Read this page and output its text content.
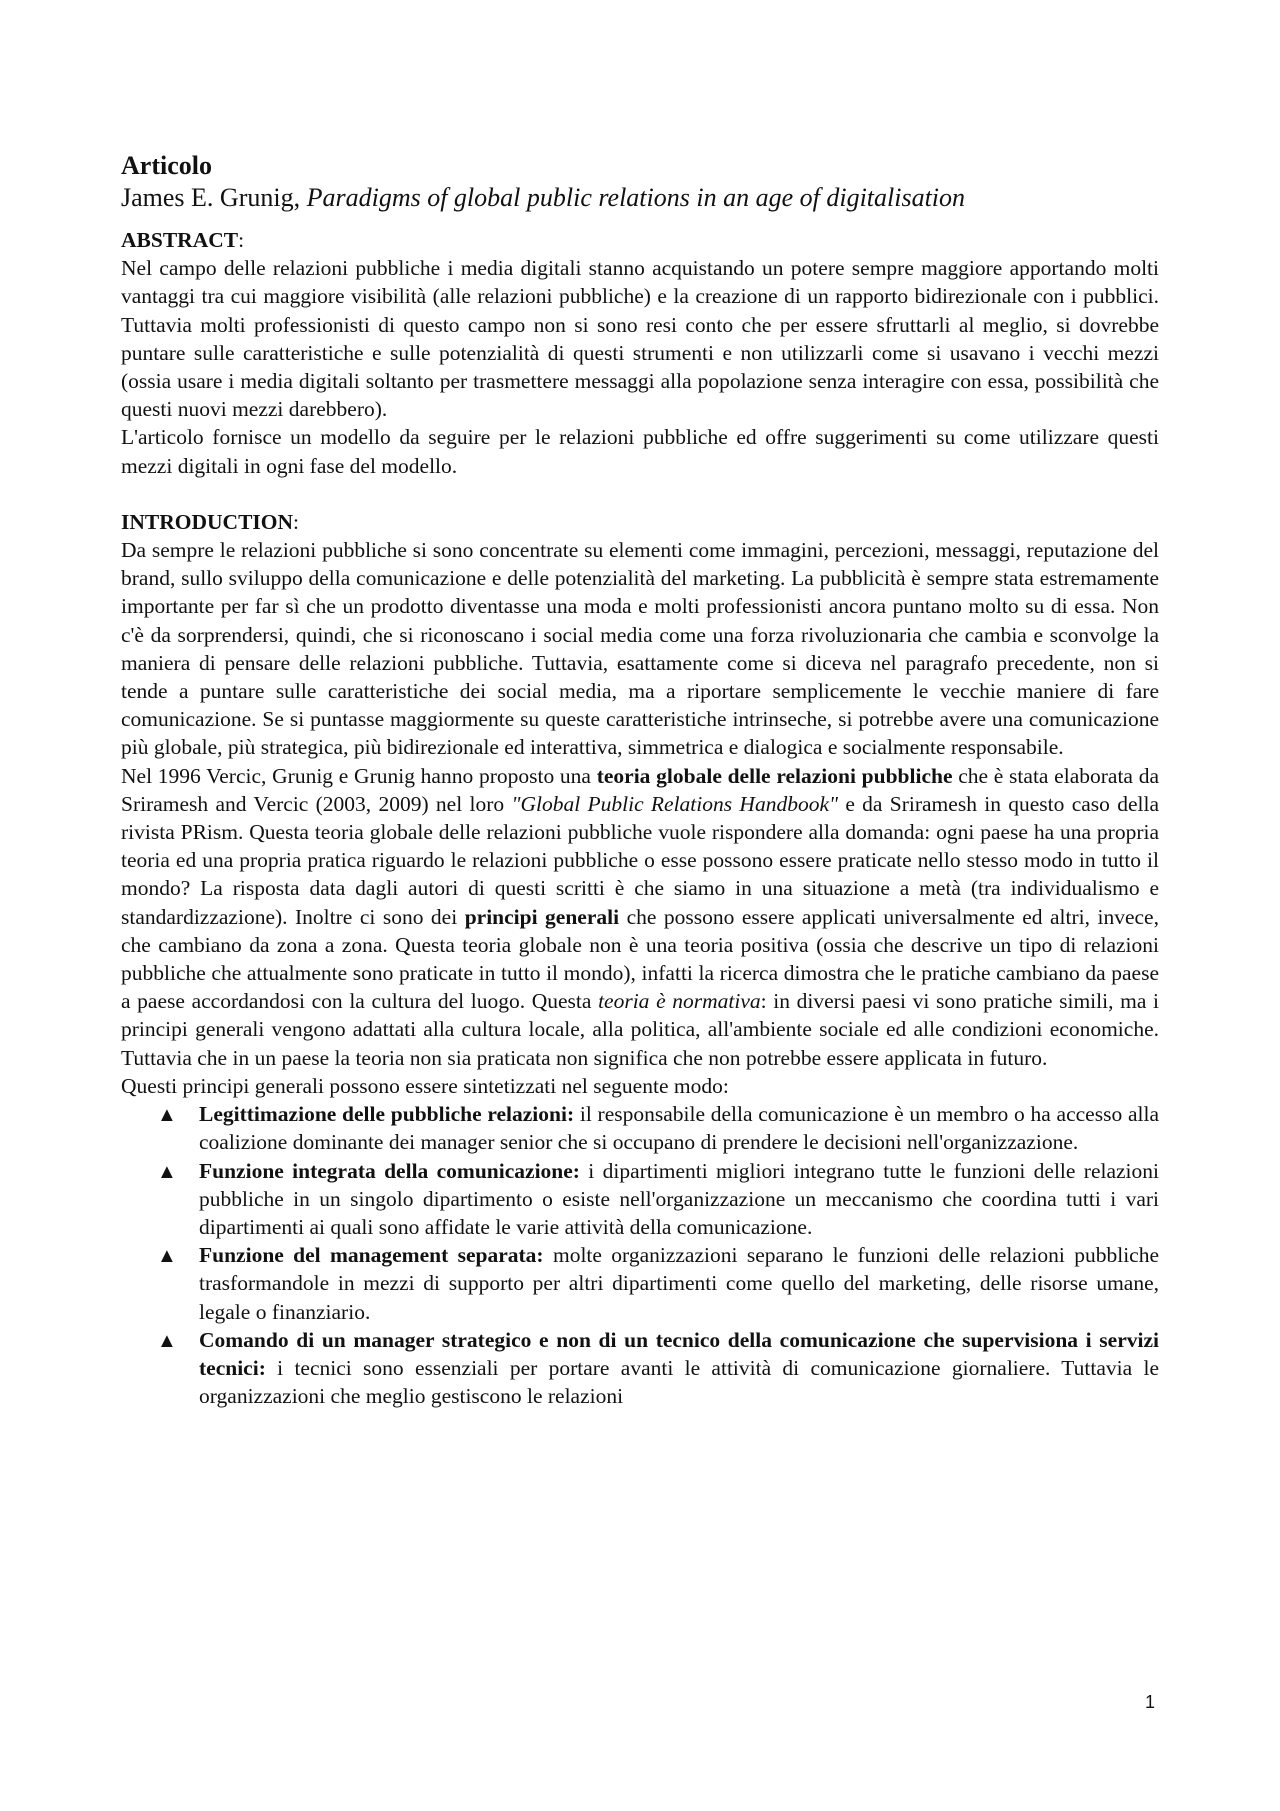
Articolo
James E. Grunig, Paradigms of global public relations in an age of digitalisation
ABSTRACT:

Nel campo delle relazioni pubbliche i media digitali stanno acquistando un potere sempre maggiore apportando molti vantaggi tra cui maggiore visibilità (alle relazioni pubbliche) e la creazione di un rapporto bidirezionale con i pubblici. Tuttavia molti professionisti di questo campo non si sono resi conto che per essere sfruttarli al meglio, si dovrebbe puntare sulle caratteristiche e sulle potenzialità di questi strumenti e non utilizzarli come si usavano i vecchi mezzi (ossia usare i media digitali soltanto per trasmettere messaggi alla popolazione senza interagire con essa, possibilità che questi nuovi mezzi darebbero).

L'articolo fornisce un modello da seguire per le relazioni pubbliche ed offre suggerimenti su come utilizzare questi mezzi digitali in ogni fase del modello.

INTRODUCTION:

Da sempre le relazioni pubbliche si sono concentrate su elementi come immagini, percezioni, messaggi, reputazione del brand, sullo sviluppo della comunicazione e delle potenzialità del marketing. La pubblicità è sempre stata estremamente importante per far sì che un prodotto diventasse una moda e molti professionisti ancora puntano molto su di essa. Non c'è da sorprendersi, quindi, che si riconoscano i social media come una forza rivoluzionaria che cambia e sconvolge la maniera di pensare delle relazioni pubbliche. Tuttavia, esattamente come si diceva nel paragrafo precedente, non si tende a puntare sulle caratteristiche dei social media, ma a riportare semplicemente le vecchie maniere di fare comunicazione. Se si puntasse maggiormente su queste caratteristiche intrinseche, si potrebbe avere una comunicazione più globale, più strategica, più bidirezionale ed interattiva, simmetrica e dialogica e socialmente responsabile.

Nel 1996 Vercic, Grunig e Grunig hanno proposto una teoria globale delle relazioni pubbliche che è stata elaborata da Sriramesh and Vercic (2003, 2009) nel loro "Global Public Relations Handbook" e da Sriramesh in questo caso della rivista PRism. Questa teoria globale delle relazioni pubbliche vuole rispondere alla domanda: ogni paese ha una propria teoria ed una propria pratica riguardo le relazioni pubbliche o esse possono essere praticate nello stesso modo in tutto il mondo? La risposta data dagli autori di questi scritti è che siamo in una situazione a metà (tra individualismo e standardizzazione). Inoltre ci sono dei principi generali che possono essere applicati universalmente ed altri, invece, che cambiano da zona a zona. Questa teoria globale non è una teoria positiva (ossia che descrive un tipo di relazioni pubbliche che attualmente sono praticate in tutto il mondo), infatti la ricerca dimostra che le pratiche cambiano da paese a paese accordandosi con la cultura del luogo. Questa teoria è normativa: in diversi paesi vi sono pratiche simili, ma i principi generali vengono adattati alla cultura locale, alla politica, all'ambiente sociale ed alle condizioni economiche. Tuttavia che in un paese la teoria non sia praticata non significa che non potrebbe essere applicata in futuro.

Questi principi generali possono essere sintetizzati nel seguente modo:

▲ Legittimazione delle pubbliche relazioni: il responsabile della comunicazione è un membro o ha accesso alla coalizione dominante dei manager senior che si occupano di prendere le decisioni nell'organizzazione.
▲ Funzione integrata della comunicazione: i dipartimenti migliori integrano tutte le funzioni delle relazioni pubbliche in un singolo dipartimento o esiste nell'organizzazione un meccanismo che coordina tutti i vari dipartimenti ai quali sono affidate le varie attività della comunicazione.
▲ Funzione del management separata: molte organizzazioni separano le funzioni delle relazioni pubbliche trasformandole in mezzi di supporto per altri dipartimenti come quello del marketing, delle risorse umane, legale o finanziario.
▲ Comando di un manager strategico e non di un tecnico della comunicazione che supervisiona i servizi tecnici: i tecnici sono essenziali per portare avanti le attività di comunicazione giornaliere. Tuttavia le organizzazioni che meglio gestiscono le relazioni
1
